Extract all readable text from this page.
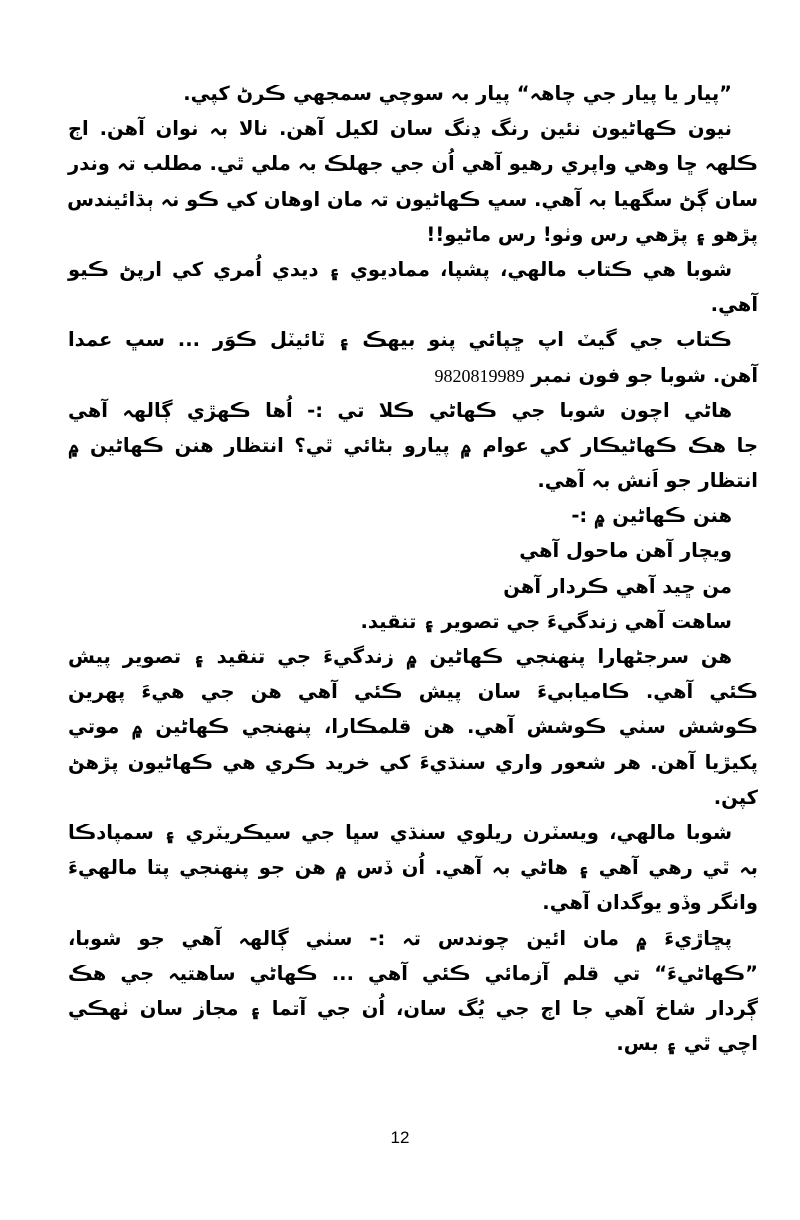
”پيار يا پيار جي چاهہ“ پيار بہ سوچي سمجهي ڪرڻ کپي.
نيون ڪهاڻيون نئين رنگ ڍنگ سان لکيل آهن. نالا بہ نوان آهن. اڄ
ڪلهہ ڇا وهي واپري رهيو آهي اُن جي جهلڪ بہ ملي ٿي. مطلب تہ وندر
سان ڳڻ سگهيا بہ آهي. سڀ ڪهاڻيون تہ مان اوهان کي ڪو نہ ٻڌائيندس
پڙهو ۽ پڙهي رس وٺو! رس ماڻيو!!
شوبا هي ڪتاب مالهي، پشپا، مماديوي ۽ ديدي اُمري کي ارپڻ ڪيو
آهي.
ڪتاب جي گيٽ اپ ڇپائي پنو بيهڪ ۽ ٽائيٽل ڪوَر ... سڀ عمدا
آهن. شوبا جو فون نمبر 9820819989
هاڻي اچون شوبا جي ڪهاڻي ڪلا تي :- اُها ڪهڙي ڳالهہ آهي
جا هڪ ڪهاڻيڪار کي عوام ۾ پيارو بڻائي ٿي؟ انتظار هنن ڪهاڻين ۾
انتظار جو اَنش بہ آهي.
هنن ڪهاڻين ۾ :-
ويچار آهن ماحول آهي
من ڇيد آهي ڪردار آهن
ساهت آهي زندگيءَ جي تصوير ۽ تنقيد.
هن سرجڻهارا پنهنجي ڪهاڻين ۾ زندگيءَ جي تنقيد ۽ تصوير پيش
ڪئي آهي. ڪاميابيءَ سان پيش ڪئي آهي هن جي هيءَ پهرين
ڪوشش سٺي ڪوشش آهي. هن قلمڪارا، پنهنجي ڪهاڻين ۾ موتي
پکيڙيا آهن. هر شعور واري سنڌيءَ کي خريد ڪري هي ڪهاڻيون پڙهڻ
کپن.
شوبا مالهي، ويسٽرن ريلوي سنڌي سڀا جي سيڪريٽري ۽ سمپادڪا
بہ ٿي رهي آهي ۽ هاڻي بہ آهي. اُن ڏس ۾ هن جو پنهنجي پتا مالهيءَ
وانگر وڏو يوگدان آهي.
پڇاڙيءَ ۾ مان ائين چوندس تہ :- سٺي ڳالهہ آهي جو شوبا،
”ڪهاڻيءَ“ تي قلم آزمائي ڪئي آهي ... ڪهاڻي ساهتيہ جي هڪ
ڳردار شاخ آهي جا اڄ جي يُگ سان، اُن جي آتما ۽ مجاز سان ٺهڪي
اچي ٿي ۽ بس.
12
